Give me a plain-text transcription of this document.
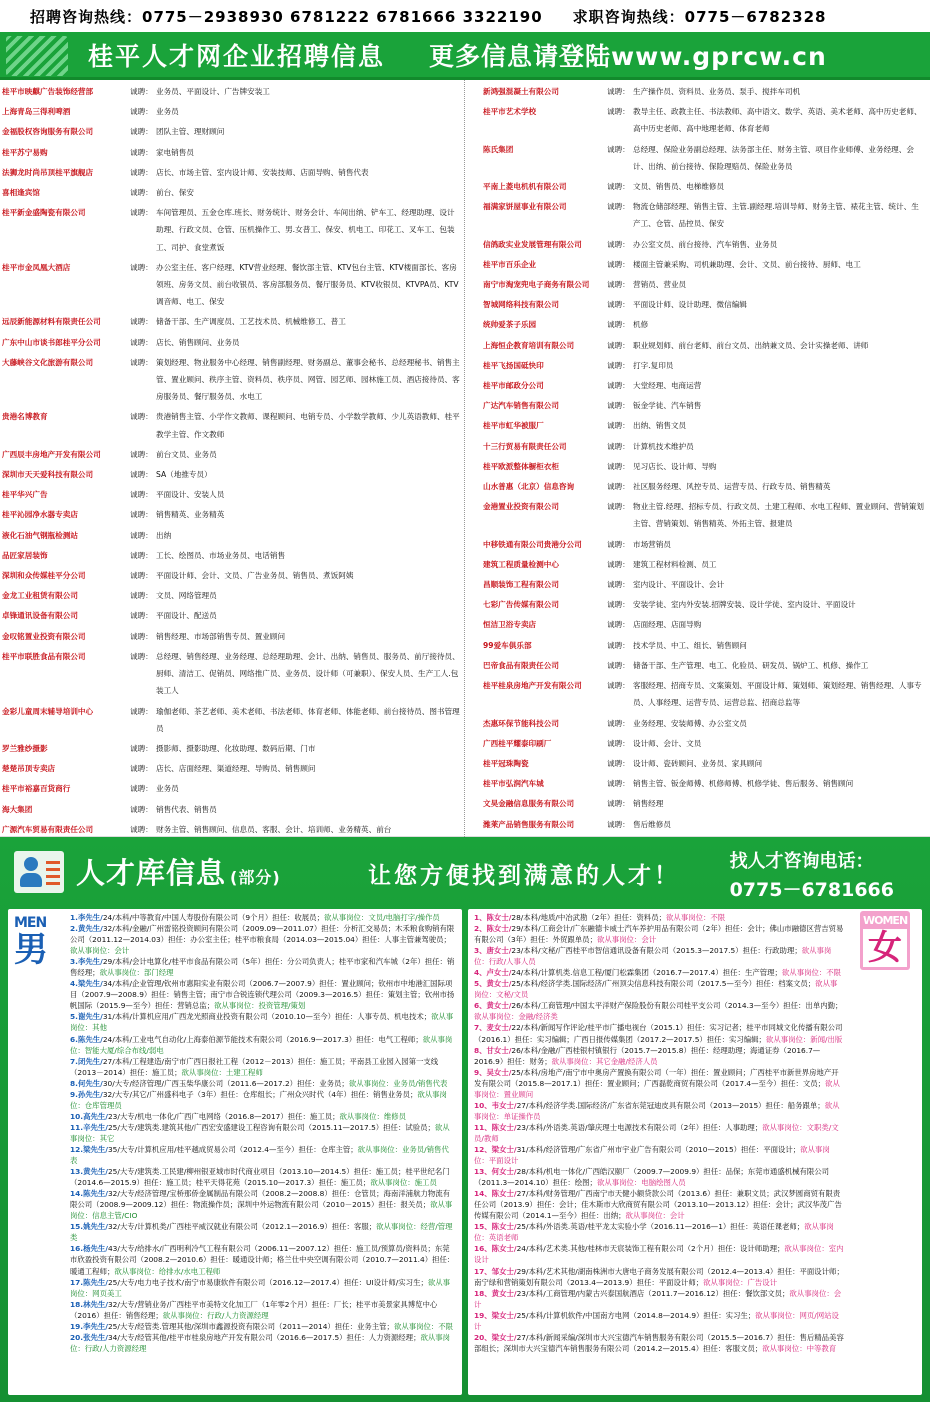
招聘咨询热线：0775－2938930 6781222 6781666 3322190 求职咨询热线：0775－6782328
桂平人才网企业招聘信息 更多信息请登陆www.gprcw.cn
桂平市映麒广告装饰经营部	诚聘： 业务员、平面设计、广告牌安装工
上海青岛三得利啤酒	诚聘： 业务员
金福股权咨询服务有限公司	诚聘： 团队主管、理财顾问
桂平苏宁易购	诚聘： 家电销售员
法狮龙时尚吊顶桂平旗舰店	诚聘： 店长、市场主管、室内设计师、安装技师、店面导购、销售代表
喜相逢宾馆	诚聘： 前台、保安
桂平新金盛陶瓷有限公司	诚聘： 车间管理员、五金仓库.班长、财务统计、财务会计、车间出纳、铲车工、经理助理、设计助理、行政文员、仓管、压机操作工、男.女普工、保安、机电工、印花工、叉车工、包装工、司护、食堂煮饭
桂平市金凤凰大酒店	诚聘： 办公室主任、客户经理、KTV营业经理、餐饮部主管、KTV包台主管、KTV楼面部长、客房领班、房务文员、前台收银员、客房部服务员、餐厅服务员、KTV收银员、KTVPA员、KTV调音师、电工、保安
远辰新能源材料有限责任公司	诚聘： 储备干部、生产调度员、工艺技术员、机械维修工、普工
广东中山市谈书郎桂平分公司	诚聘： 店长、销售顾问、业务员
大藤峡谷文化旅游有限公司	诚聘： 策划经理、物业服务中心经理、销售副经理、财务副总、董事会秘书、总经理秘书、销售主管、置业顾问、秩序主管、资料员、秩序员、网管、园艺师、园林施工员、酒店接待员、客房服务员、餐厅服务员、水电工
贵港名博教育	诚聘： 贵港销售主管、小学作文教师、课程顾问、电销专员、小学数学教师、少儿英语教师、桂平教学主管、作文教师
广西辰丰房地产开发有限公司	诚聘： 前台文员、业务员
深圳市天天爱科技有限公司	诚聘： SA（地推专员）
桂平华兴广告	诚聘： 平面设计、安装人员
桂平沁园净水器专卖店	诚聘： 销售精英、业务精英
液化石油气钢瓶检测站	诚聘： 出纳
品匠家居装饰	诚聘： 工长、绘图员、市场业务员、电话销售
深圳和众传媒桂平分公司	诚聘： 平面设计师、会计、文员、广告业务员、销售员、煮饭阿姨
金龙工业租赁有限公司	诚聘： 文员、网络管理员
卓锋通讯设备有限公司	诚聘： 平面设计、配送员
金叹铭置业投资有限公司	诚聘： 销售经理、市场部销售专员、置业顾问
桂平市联胜食品有限公司	诚聘： 总经理、销售经理、业务经理、总经理助理、会计、出纳、销售员、服务员、前厅接待员、厨师、清洁工、促销员、网络推广员、业务员、设计师（可兼职）、保安人员、生产工人.包装工人
金彩儿童周末辅导培训中心	诚聘： 瑜伽老师、茶艺老师、美术老师、书法老师、体育老师、体能老师、前台接待员、图书管理员
罗兰雅纱摄影	诚聘： 摄影师、摄影助理、化妆助理、数码后期、门市
楚楚吊顶专卖店	诚聘： 店长、店面经理、渠道经理、导购员、销售顾问
桂平市裕嘉百货商行	诚聘： 业务员
海大集团	诚聘： 销售代表、销售员
广源汽车贸易有限责任公司	诚聘： 财务主管、销售顾问、信息员、客服、会计、培训师、业务精英、前台
新鸿强混凝土有限公司	诚聘： 生产操作员、资料员、业务员、泵手、搅拌车司机
桂平市艺术学校	诚聘： 教导主任、政教主任、书法教师、高中语文、数学、英语、美术老师、高中历史老师、高中历史老师、高中地理老师、体育老师
陈氏集团	诚聘： 总经理、保险业务副总经理、法务部主任、财务主管、项目作业师傅、业务经理、会计、出纳、前台接待、保险理赔员、保险业务员
平南上菱电机机有限公司	诚聘： 文员、销售员、电梯维修员
福满家饼屋事业有限公司	诚聘： 物流仓储部经理、销售主管、主管.副经理.培训导师、财务主管、裱花主管、统计、生产工、仓管、品控员、保安
信鸽政实业发展管理有限公司	诚聘： 办公室文员、前台接待、汽车销售、业务员
桂平市百乐企业	诚聘： 楼面主管兼采购、司机兼助理、会计、文员、前台接待、厨师、电工
南宁市淘宠兜电子商务有限公司	诚聘： 营销员、营业员
智城网络科技有限公司	诚聘： 平面设计师、设计助理、微信编辑
统帅爱茶子乐园	诚聘： 机修
上海恒企教育培训有限公司	诚聘： 职业规划师、前台老师、前台文员、出纳兼文员、会计实操老师、讲师
桂平飞扬国砥快印	诚聘： 打字.复印员
桂平市邮政分公司	诚聘： 大堂经理、电商运营
广达汽车销售有限公司	诚聘： 钣金学徒、汽车销售
桂平市虹华被服厂	诚聘： 出纳、销售文员
十三行贸易有限责任公司	诚聘： 计算机技术维护员
桂平欧派整体橱柜衣柜	诚聘： 见习店长、设计师、导购
山水普惠（北京）信息咨询	诚聘： 社区服务经理、风控专员、运营专员、行政专员、销售精英
金港置业投资有限公司	诚聘： 物业主管.经理、招标专员、行政文员、土建工程师、水电工程师、置业顾问、营销策划主管、营销策划、销售精英、外拓主管、报建员
中移铁通有限公司贵港分公司	诚聘： 市场营销员
建筑工程质量检测中心	诚聘： 建筑工程材料检测、员工
昌顺装饰工程有限公司	诚聘： 室内设计、平面设计、会计
七彩广告传媒有限公司	诚聘： 安装学徒、室内外安装.招牌安装、设计学徒、室内设计、平面设计
恒洁卫浴专卖店	诚聘： 店面经理、店面导购
99爱车俱乐部	诚聘： 技术学员、中工、组长、销售顾问
巴帝食品有限责任公司	诚聘： 储备干部、生产管理、电工、化验员、研发员、锅炉工、机修、操作工
桂平桂泉房地产开发有限公司	诚聘： 客服经理、招商专员、文案策划、平面设计师、策划师、策划经理、销售经理、人事专员、人事经理、运营专员、运营总监、招商总监等
杰惠环保节能科技公司	诚聘： 业务经理、安装师傅、办公室文员
广西桂平耀泰印刷厂	诚聘： 设计师、会计、文员
桂平冠珠陶瓷	诚聘： 设计师、瓷砖顾问、业务员、家具顾问
桂平市弘润汽车城	诚聘： 销售主管、钣金师傅、机修师傅、机修学徒、售后服务、销售顾问
文昊金融信息服务有限公司	诚聘： 销售经理
潍莱产品销售服务有限公司	诚聘： 售后维修员
人才库信息 (部分)	让您方便找到满意的人才！
找人才咨询电话：
0775－6781666
MEN
男

1.李先生/24/本科/中等教育/中国人寿股份有限公司（9个月）担任：收展员；欲从事岗位：文员/电脑打字/操作员

2.黄先生/32/本科/金融/广州雷铭投资顾问有限公司（2009.09—2011.07）担任：分析汇交易员；木禾粮食购销有限公司（2011.12—2014.03）担任：办公室主任；桂平市粮食局（2014.03—2015.04）担任：人事主管兼驾驶员；欲从事岗位：会计

3.李先生/29/本科/会计电算化/桂平市食品有限公司（5年）担任：分公司负责人；桂平市家和汽车城（2年）担任：销售经理；欲从事岗位：部门经理

4.梁先生/34/本科/企业管理/钦州市惠阳实业有限公司（2006.7—2007.9）担任：置业顾问；钦州市中地港汇国际项目（2007.9—2008.9）担任：销售主管；南宁市合锐连锁代理公司（2009.3—2016.5）担任：策划主管；钦州市扬帆国际（2015.9—至今）担任：营销总监；欲从事岗位：投资管理/策划

5.谢先生/31/本科/计算机应用/广西龙光照商业投资有限公司（2010.10—至今）担任：人事专员、机电技术；欲从事岗位：其他

6.陈先生/24/本科/工业电气自动化/上海泰伯源节能技术有限公司（2016.9—2017.3）担任：电气工程师；欲从事岗位：智能大厦/综合布线/弱电

7.闭先生/27/本科/工程建造/南宁市广西日报社工程（2012－2013）担任：施工员；平南县工业园入园第一支线（2013－2014）担任：施工员；欲从事岗位：土建工程师

8.何先生/30/大专/经济管理/广西玉柴华康公司（2011.6—2017.2）担任：业务员；欲从事岗位：业务员/销售代表

9.孙先生/32/大专/其它/广州盛科电子（3年）担任：仓库组长；广州众兴时代（4年）担任：销售业务员；欲从事岗位：仓库管理员

10.高先生/23/大专/机电一体化/广西广电网络（2016.8—2017）担任：施工员；欲从事岗位：维修员

11.辛先生/25/大专/建筑类.建筑其他/广西宏安盛建设工程咨询有限公司（2015.11—2017.5）担任：试验员；欲从事岗位：其它

12.梁先生/35/大专/计算机应用/桂平越成贸易公司（2012.4—至今）担任：仓库主管；欲从事岗位：业务员/销售代表

13.黄先生/25/大专/建筑类.工民建/柳州银亚城市时代商业项目（2013.10—2014.5）担任：施工员；桂平世纪名门（2014.6—2015.9）担任：施工员；桂平天得花苑（2015.10—2017.3）担任：施工员；欲从事岗位：施工员

14.陈先生/32/大专/经济管理/宝桥那侨金属制品有限公司（2008.2—2008.8）担任：仓管员；海南洋浦航力物流有限公司（2008.9—2009.12）担任：物流操作员；深圳中外运物流有限公司（2010－2015）担任：报关员；欲从事岗位：信息主管/CIO

15.姚先生/32/大专/计算机类/广西桂平威汉就业有限公司（2012.1—2016.9）担任：客服；欲从事岗位：经营/管理类

16.杨先生/43/大专/给排水/广西明利冷气工程有限公司（2006.11—2007.12）担任：施工员/预算员/资料员；东莞市欣盈投资有限公司（2008.2—2010.6）担任：暖通设计师；格兰仕中央空调有限公司（2010.7—2011.4）担任：暖通工程师；欲从事岗位：给排水/水电工程师

17.陈先生/25/大专/电力电子技术/南宁市易康软件有限公司（2016.12—2017.4）担任：UI设计师/实习生；欲从事岗位：网页美工

18.林先生/32/大专/营销业务/广西桂平市美特文化加工厂（1年零2个月）担任：厂长；桂平市美景家具博览中心（2016）担任：销售经理；欲从事岗位：行政/人力资源经理

19.李先生/25/大专/经管类.管理其他/深圳市鑫源投资有限公司（2011—2014）担任：业务主管；欲从事岗位：不限

20.张先生/34/大专/经管其他/桂平市桂泉房地产开发有限公司（2016.6—2017.5）担任：人力资源经理；欲从事岗位：行政/人力资源经理

WOMEN
女

1、陈女士/28/本科/地质/中冶武勘（2年）担任：资料员；欲从事岗位：不限

2、陈女士/29/本科/工商会计/广东融德卡威士汽车养护用品有限公司（2年）担任：会计；佛山市融德区营吉贸易有限公司（3年）担任：外贸跟单员；欲从事岗位：会计

3、唐女士/23/本科/文秘/广西桂平市智信通讯设备有限公司（2015.3—2017.5）担任：行政助理；欲从事岗位：行政/人事人员

4、卢女士/24/本科/计算机类.信息工程/厦门松霖集团（2016.7—2017.4）担任：生产管理；欲从事岗位：不限

5、黄女士/25/本科/经济学类.国际经济/广州顶尖信息科技有限公司（2017.5—至今）担任：档案文员；欲从事岗位：文秘/文员

6、黄女士/26/本科/工商管理/中国太平洋财产保险股份有限公司桂平支公司（2014.3—至今）担任：出单内勤；欲从事岗位：金融/经济类

7、麦女士/22/本科/新闻写作评论/桂平市广播电视台（2015.1）担任：实习记者；桂平市同城文化传播有限公司（2016.1）担任：实习编辑；广西日报传媒集团（2017.2—2017.5）担任：实习编辑；欲从事岗位：新闻/出版

8、甘女士/26/本科/金融/广西桂银村镇银行（2015.7—2015.8）担任：经理助理；海通证券（2016.7—2016.9）担任：财务；欲从事岗位：其它金融/经济人员

9、吴女士/25/本科/房地产/南宁市中奥房产置换有限公司（一年）担任：置业顾问；广西桂平市新世界房地产开发有限公司（2015.8—2017.1）担任：置业顾问；广西磊乾商贸有限公司（2017.4—至今）担任：文员；欲从事岗位：置业顾问

10、韦女士/27/本科/经济学类.国际经济/广东省东莞冠迪皮具有限公司（2013—2015）担任：船务跟单；欲从事岗位：单证操作员

11、陈女士/23/本科/外语类.英语/肇庆理士电源技术有限公司（2年）担任：人事助理；欲从事岗位：文职类/文员/教师

12、梁女士/31/本科/经济管理/广东省广州市宇业广告有限公司（2010—2015）担任：平面设计；欲从事岗位：平面设计

13、何女士/28/本科/机电一体化/广西皓汉颐厂（2009.7—2009.9）担任：品保；东莞市通盛机械有限公司（2011.3—2014.10）担任：绘图；欲从事岗位：电脑绘图人员

14、陈女士/27/本科/财务管理/广西南宁市天健小额贷款公司（2013.6）担任：兼职文员；武汉梦圆商贸有限责任公司（2013.9）担任：会计；佳木斯市大欣商贸有限公司（2013.10—2013.12）担任：会计；武汉华茂广告传媒有限公司（2014.1—至今）担任：出纳；欲从事岗位：会计

15、陈女士/25/本科/外语类.英语/桂平龙太实验小学（2016.11—2016—1）担任：英语任课老师；欲从事岗位：英语老师

16、陈女士/24/本科/艺术类.其他/桂林市天宸装饰工程有限公司（2个月）担任：设计师助理；欲从事岗位：室内设计

17、邹女士/29/本科/艺术其他/湖南株洲市大唐电子商务发展有限公司（2012.4—2013.4）担任：平面设计师；南宁绿和营销策划有限公司（2013.4—2013.9）担任：平面设计师；欲从事岗位：广告设计

18、黄女士/23/本科/工商管理/内蒙古兴泰国航酒店（2011.7—2016.12）担任：餐饮部文员；欲从事岗位：会计

19、梁女士/25/本科/计算机软件/中国南方电网（2014.8—2014.9）担任：实习生；欲从事岗位：网页/网站设计

20、梁女士/27/本科/新闻采编/深圳市大兴宝德汽车销售服务有限公司（2015.5—2016.7）担任：售后精品美容部组长；深圳市大兴宝德汽车销售服务有限公司（2014.2—2015.4）担任：客服文员；欲从事岗位：中等教育
